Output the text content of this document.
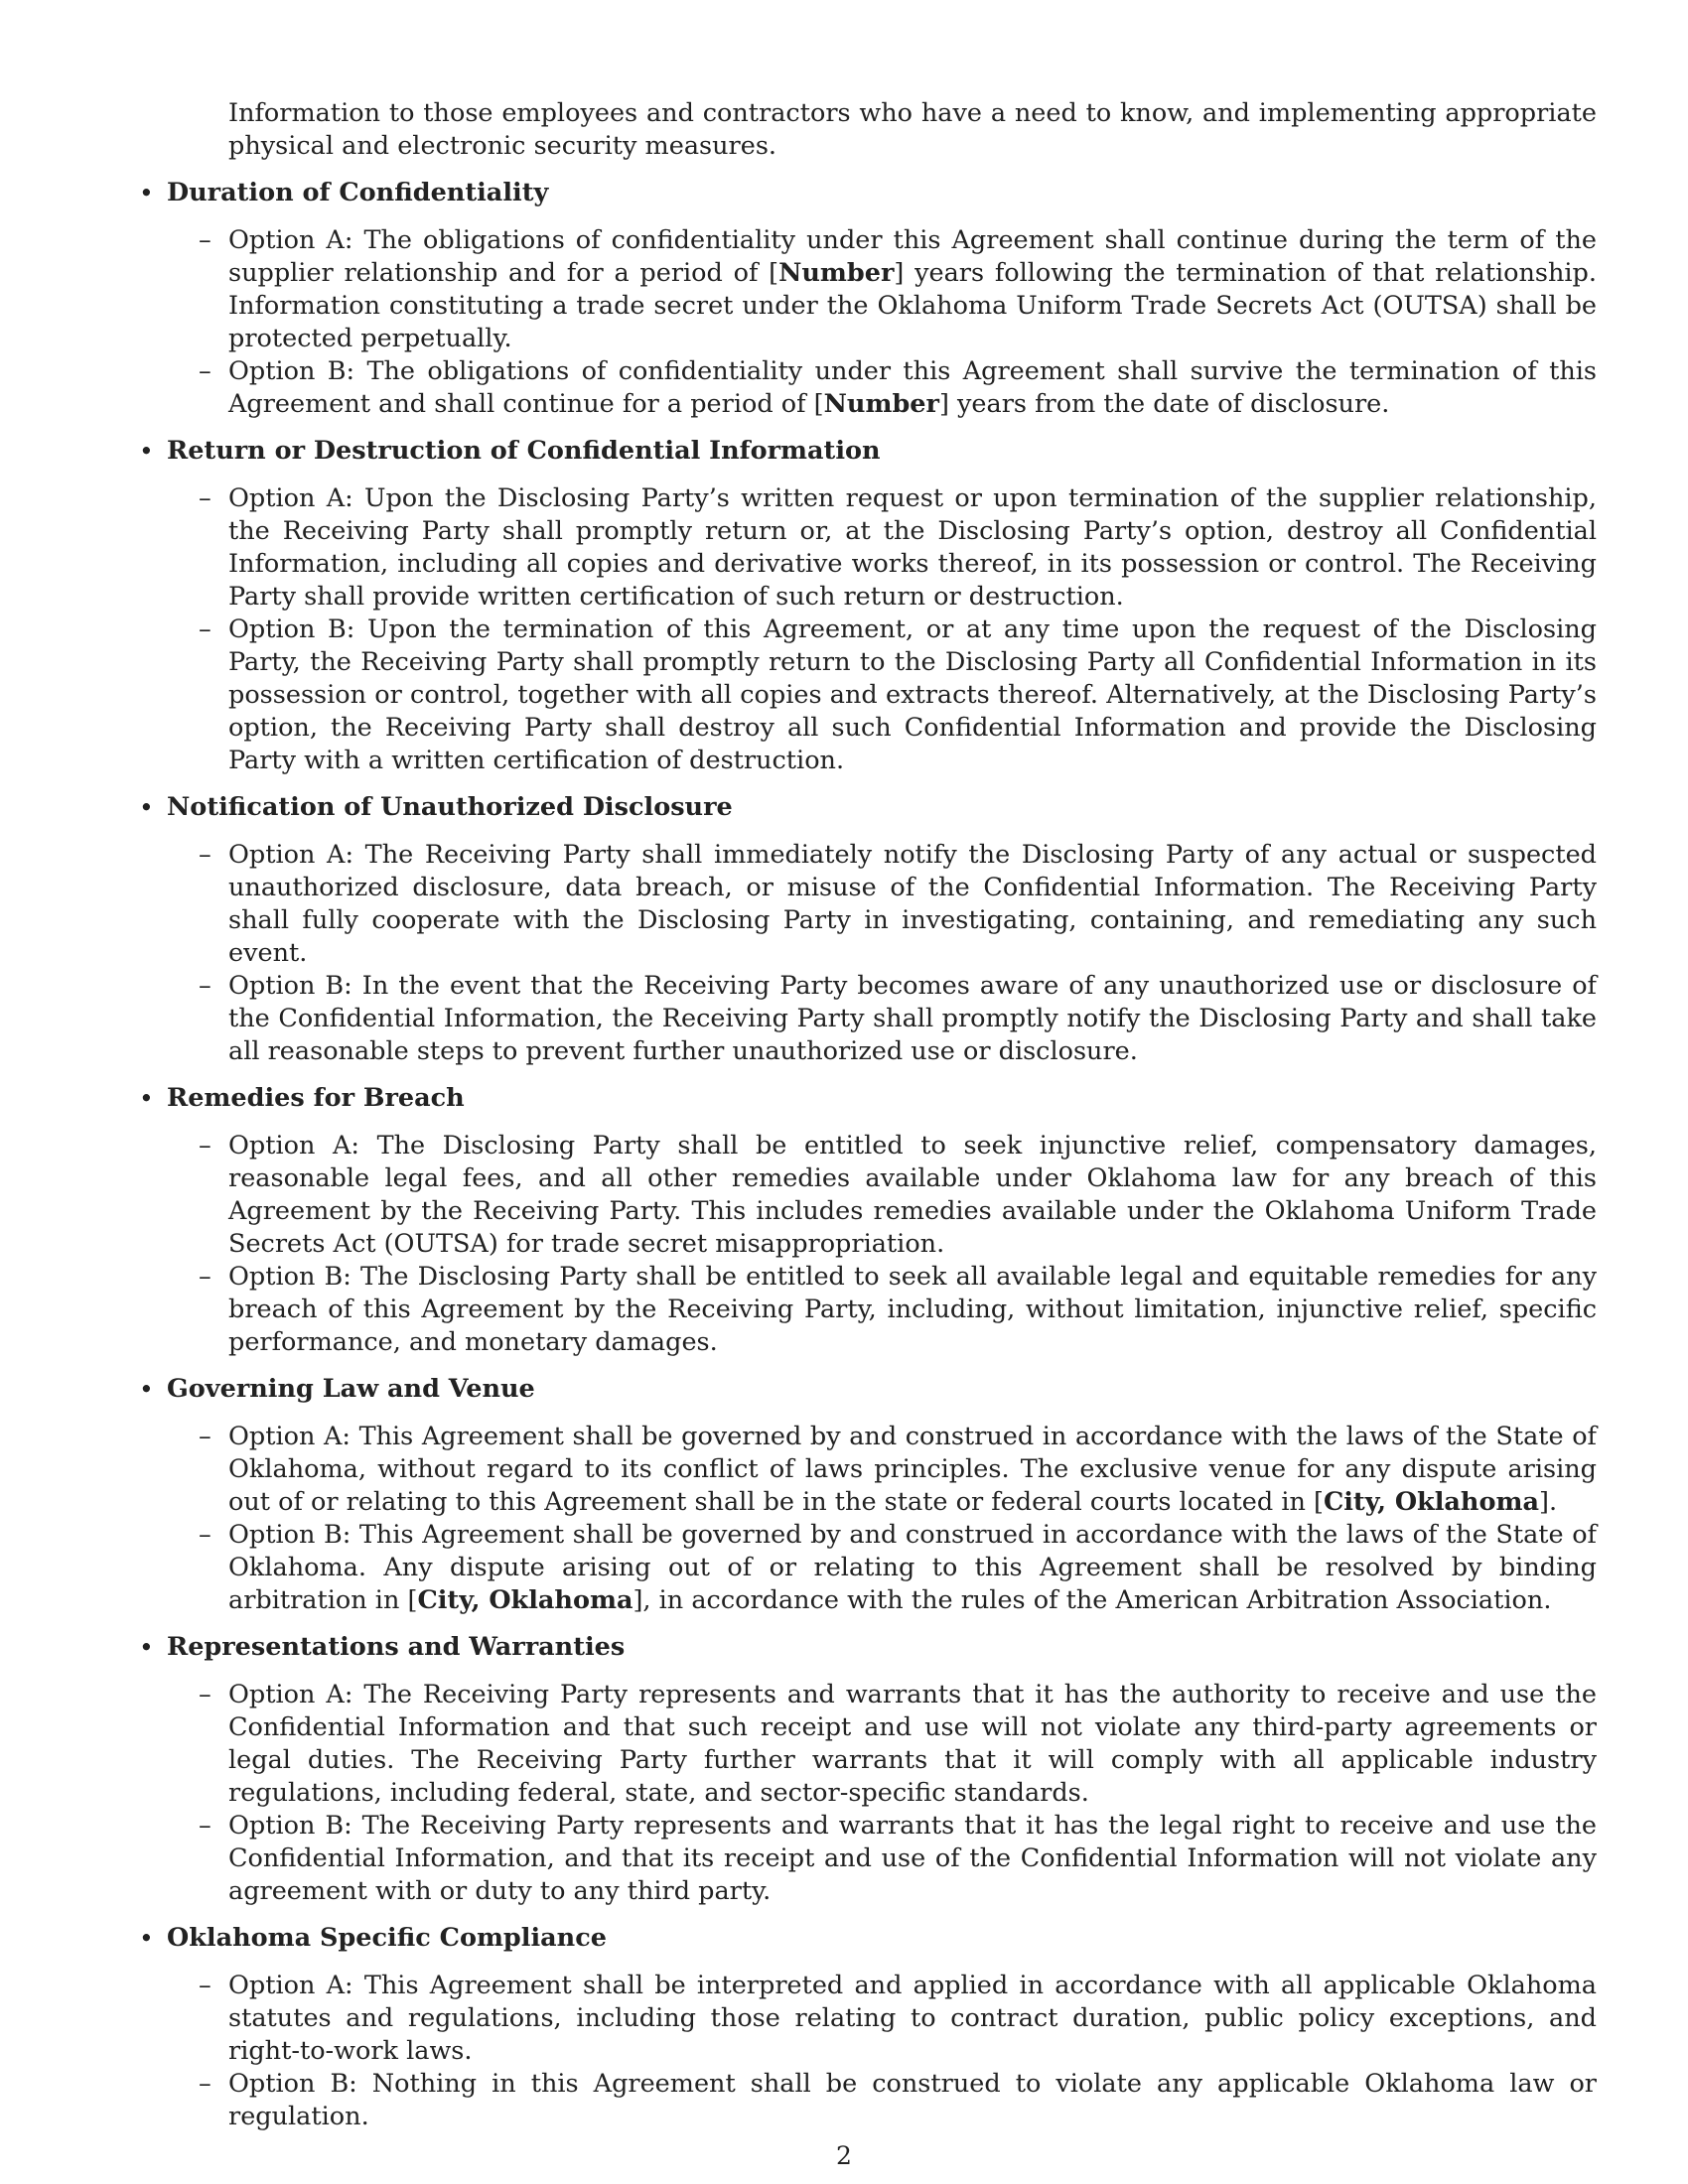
Information to those employees and contractors who have a need to know, and implementing appropriate physical and electronic security measures.

• Duration of Confidentiality
– Option A: The obligations of confidentiality under this Agreement shall continue during the term of the supplier relationship and for a period of [Number] years following the termination of that relationship. Information constituting a trade secret under the Oklahoma Uniform Trade Secrets Act (OUTSA) shall be protected perpetually.
– Option B: The obligations of confidentiality under this Agreement shall survive the termination of this Agreement and shall continue for a period of [Number] years from the date of disclosure.
• Return or Destruction of Confidential Information
– Option A: Upon the Disclosing Party’s written request or upon termination of the supplier relationship, the Receiving Party shall promptly return or, at the Disclosing Party’s option, destroy all Confidential Information, including all copies and derivative works thereof, in its possession or control. The Receiving Party shall provide written certification of such return or destruction.
– Option B: Upon the termination of this Agreement, or at any time upon the request of the Disclosing Party, the Receiving Party shall promptly return to the Disclosing Party all Confidential Information in its possession or control, together with all copies and extracts thereof. Alternatively, at the Disclosing Party’s option, the Receiving Party shall destroy all such Confidential Information and provide the Disclosing Party with a written certification of destruction.
• Notification of Unauthorized Disclosure
– Option A: The Receiving Party shall immediately notify the Disclosing Party of any actual or suspected unauthorized disclosure, data breach, or misuse of the Confidential Information. The Receiving Party shall fully cooperate with the Disclosing Party in investigating, containing, and remediating any such event.
– Option B: In the event that the Receiving Party becomes aware of any unauthorized use or disclosure of the Confidential Information, the Receiving Party shall promptly notify the Disclosing Party and shall take all reasonable steps to prevent further unauthorized use or disclosure.
• Remedies for Breach
– Option A: The Disclosing Party shall be entitled to seek injunctive relief, compensatory damages, reasonable legal fees, and all other remedies available under Oklahoma law for any breach of this Agreement by the Receiving Party. This includes remedies available under the Oklahoma Uniform Trade Secrets Act (OUTSA) for trade secret misappropriation.
– Option B: The Disclosing Party shall be entitled to seek all available legal and equitable remedies for any breach of this Agreement by the Receiving Party, including, without limitation, injunctive relief, specific performance, and monetary damages.
• Governing Law and Venue
– Option A: This Agreement shall be governed by and construed in accordance with the laws of the State of Oklahoma, without regard to its conflict of laws principles. The exclusive venue for any dispute arising out of or relating to this Agreement shall be in the state or federal courts located in [City, Oklahoma].
– Option B: This Agreement shall be governed by and construed in accordance with the laws of the State of Oklahoma. Any dispute arising out of or relating to this Agreement shall be resolved by binding arbitration in [City, Oklahoma], in accordance with the rules of the American Arbitration Association.
• Representations and Warranties
– Option A: The Receiving Party represents and warrants that it has the authority to receive and use the Confidential Information and that such receipt and use will not violate any third-party agreements or legal duties. The Receiving Party further warrants that it will comply with all applicable industry regulations, including federal, state, and sector-specific standards.
– Option B: The Receiving Party represents and warrants that it has the legal right to receive and use the Confidential Information, and that its receipt and use of the Confidential Information will not violate any agreement with or duty to any third party.
• Oklahoma Specific Compliance
– Option A: This Agreement shall be interpreted and applied in accordance with all applicable Oklahoma statutes and regulations, including those relating to contract duration, public policy exceptions, and right-to-work laws.
– Option B: Nothing in this Agreement shall be construed to violate any applicable Oklahoma law or regulation.
2
